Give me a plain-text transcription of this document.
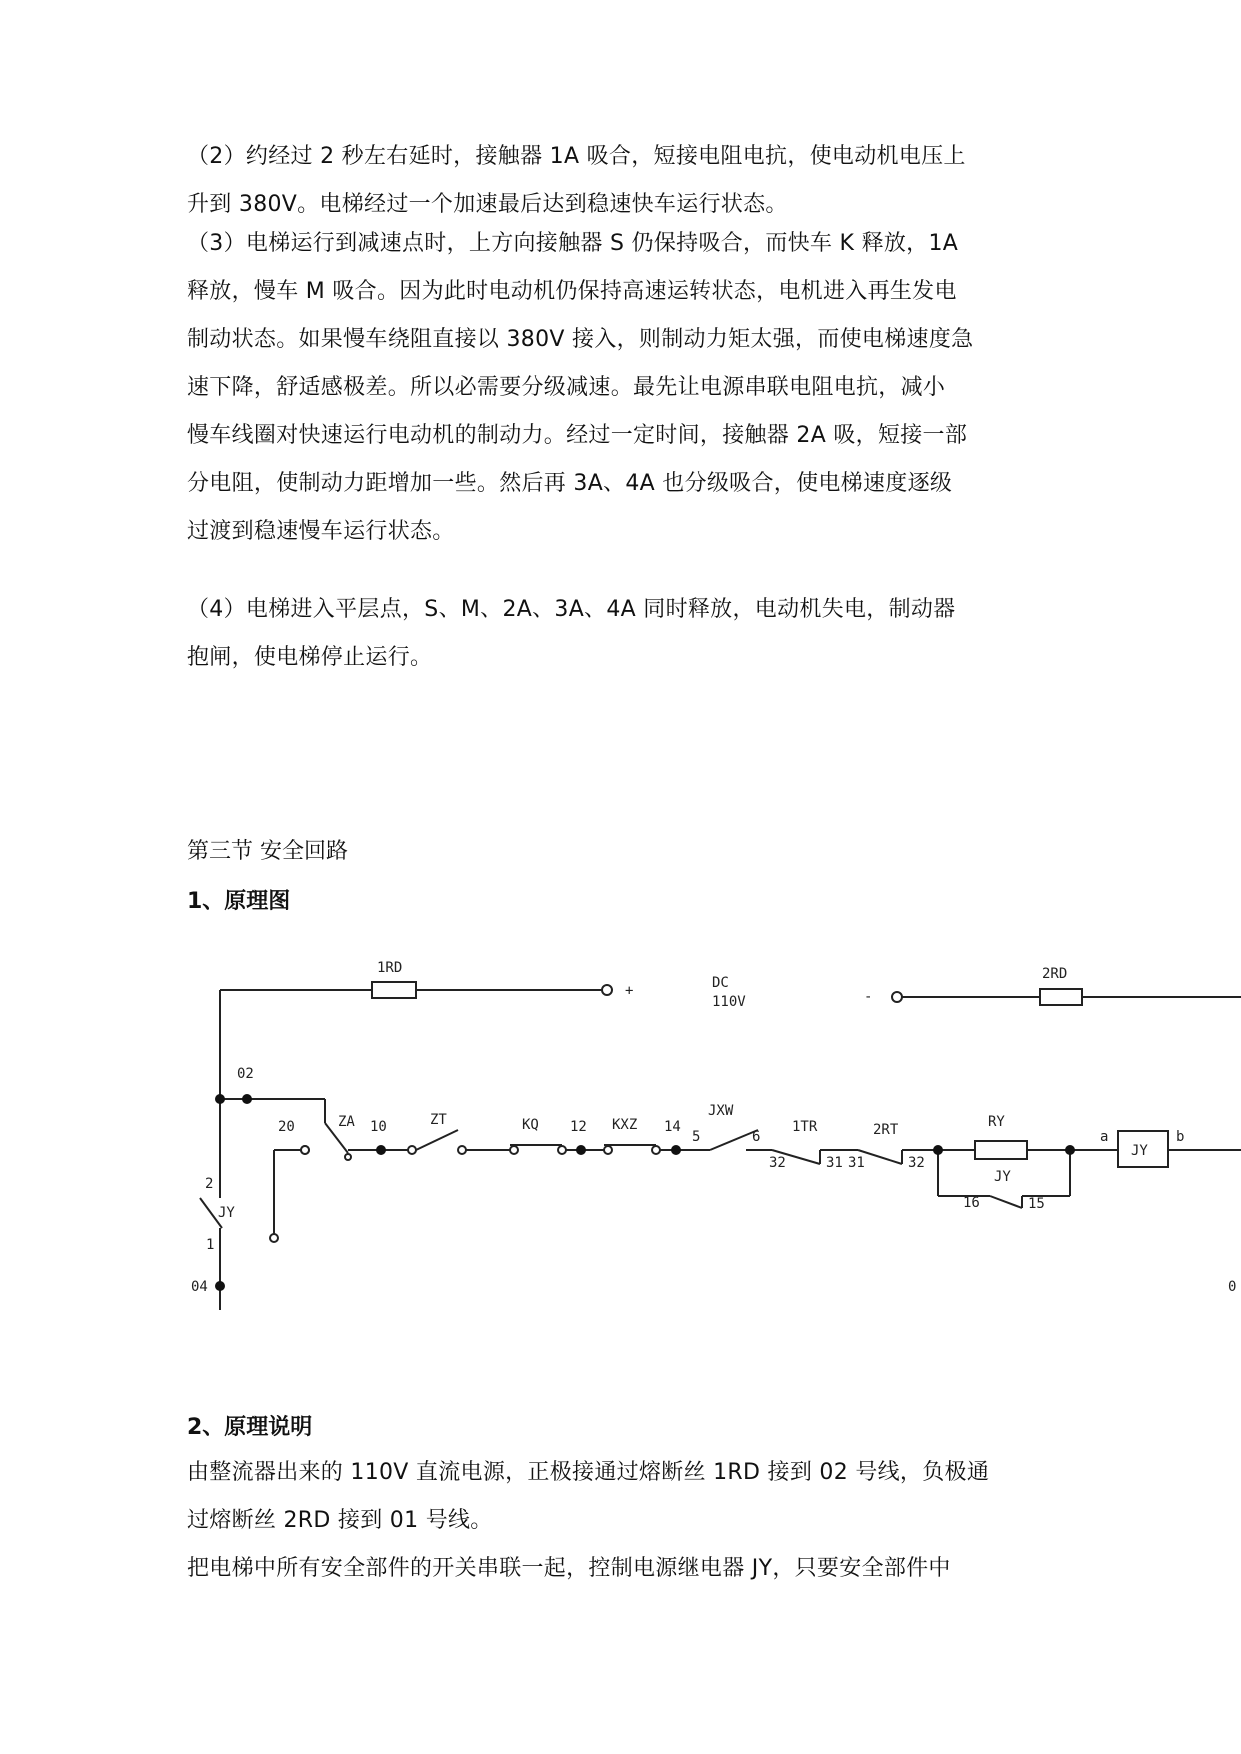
（2）约经过 2 秒左右延时，接触器 1A 吸合，短接电阻电抗，使电动机电压上
升到 380V。电梯经过一个加速最后达到稳速快车运行状态。

（3）电梯运行到减速点时，上方向接触器 S 仍保持吸合，而快车 K 释放，1A
释放，慢车 M 吸合。因为此时电动机仍保持高速运转状态，电机进入再生发电
制动状态。如果慢车绕阻直接以 380V 接入，则制动力矩太强，而使电梯速度急
速下降，舒适感极差。所以必需要分级减速。最先让电源串联电阻电抗，减小
慢车线圈对快速运行电动机的制动力。经过一定时间，接触器 2A 吸，短接一部
分电阻，使制动力距增加一些。然后再 3A、4A 也分级吸合，使电梯速度逐级
过渡到稳速慢车运行状态。

（4）电梯进入平层点，S、M、2A、3A、4A 同时释放，电动机失电，制动器
抱闸，使电梯停止运行。

第三节 安全回路

1、原理图

1RD
+	DC
110V	-
2RD
02
ZA 10	ZT	KQ 12 KXZ 14
JXW
5	6
1TR	2RT
32	31 31	32
RY
JY
16	15
a
JY
b
20
2
JY
1
04	0

2、原理说明

由整流器出来的 110V 直流电源，正极接通过熔断丝 1RD 接到 02 号线，负极通
过熔断丝 2RD 接到 01 号线。
把电梯中所有安全部件的开关串联一起，控制电源继电器 JY，只要安全部件中
